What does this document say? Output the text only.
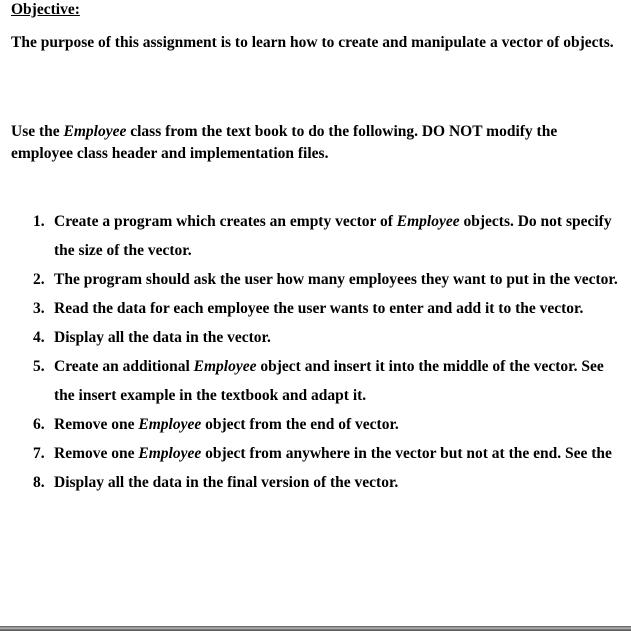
Objective:
The purpose of this assignment is to learn how to create and manipulate a vector of objects.
Use the Employee class from the text book to do the following. DO NOT modify the employee class header and implementation files.
1. Create a program which creates an empty vector of Employee objects. Do not specify the size of the vector.
2. The program should ask the user how many employees they want to put in the vector.
3. Read the data for each employee the user wants to enter and add it to the vector.
4. Display all the data in the vector.
5. Create an additional Employee object and insert it into the middle of the vector. See the insert example in the textbook and adapt it.
6. Remove one Employee object from the end of vector.
7. Remove one Employee object from anywhere in the vector but not at the end. See the
8. Display all the data in the final version of the vector.
